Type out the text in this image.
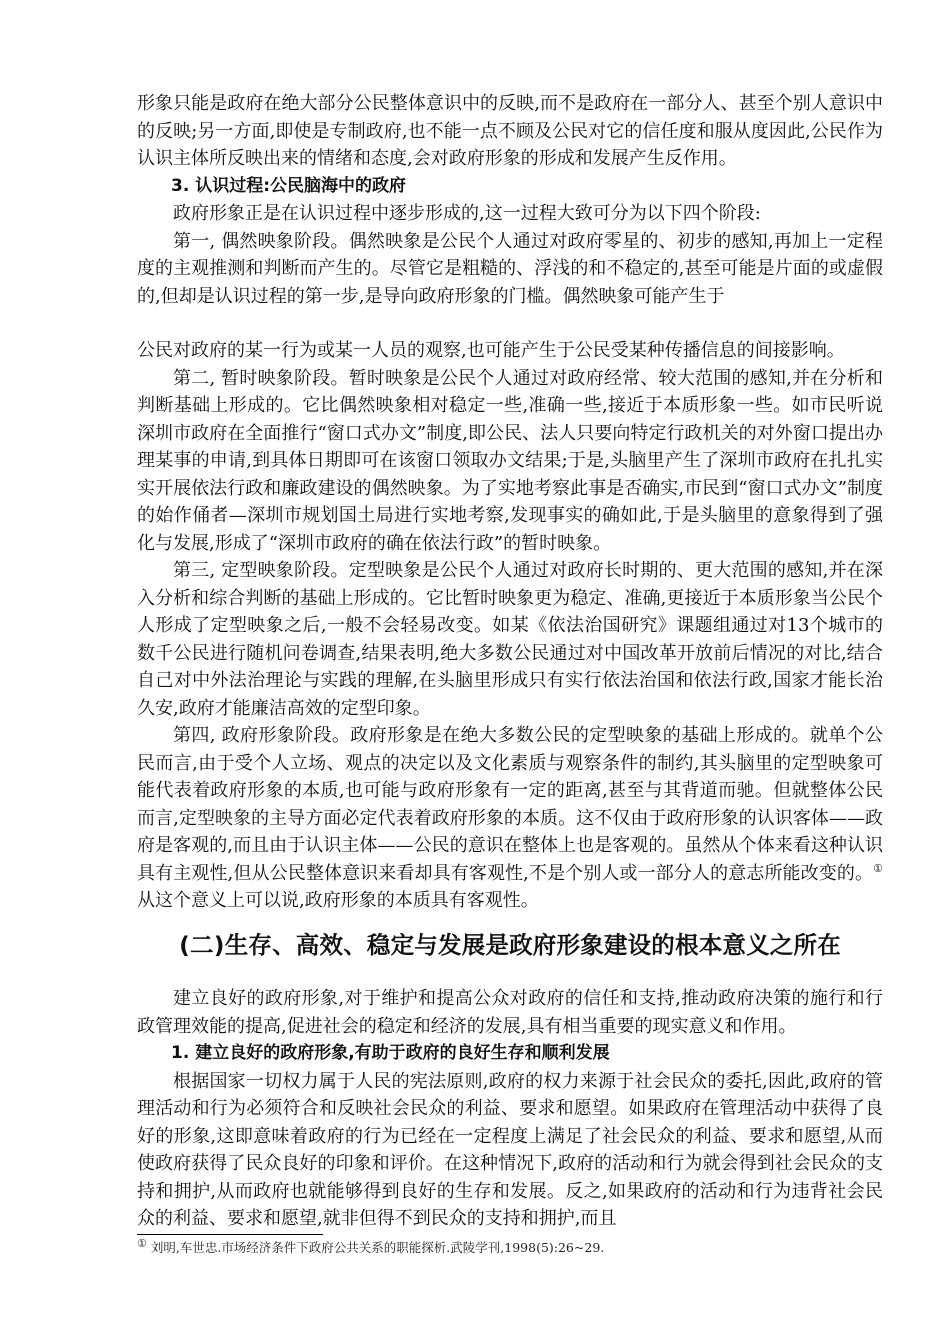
形象只能是政府在绝大部分公民整体意识中的反映,而不是政府在一部分人、甚至个别人意识中的反映;另一方面,即使是专制政府,也不能一点不顾及公民对它的信任度和服从度因此,公民作为认识主体所反映出来的情绪和态度,会对政府形象的形成和发展产生反作用。

3. 认识过程:公民脑海中的政府

政府形象正是在认识过程中逐步形成的,这一过程大致可分为以下四个阶段:

第一, 偶然映象阶段。偶然映象是公民个人通过对政府零星的、初步的感知,再加上一定程度的主观推测和判断而产生的。尽管它是粗糙的、浮浅的和不稳定的,甚至可能是片面的或虚假的,但却是认识过程的第一步,是导向政府形象的门槛。偶然映象可能产生于

公民对政府的某一行为或某一人员的观察,也可能产生于公民受某种传播信息的间接影响。

第二, 暂时映象阶段。暂时映象是公民个人通过对政府经常、较大范围的感知,并在分析和判断基础上形成的。它比偶然映象相对稳定一些,准确一些,接近于本质形象一些。如市民听说深圳市政府在全面推行“窗口式办文”制度,即公民、法人只要向特定行政机关的对外窗口提出办理某事的申请,到具体日期即可在该窗口领取办文结果;于是,头脑里产生了深圳市政府在扎扎实实开展依法行政和廉政建设的偶然映象。为了实地考察此事是否确实,市民到“窗口式办文”制度的始作俑者—深圳市规划国土局进行实地考察,发现事实的确如此,于是头脑里的意象得到了强化与发展,形成了“深圳市政府的确在依法行政”的暂时映象。

第三, 定型映象阶段。定型映象是公民个人通过对政府长时期的、更大范围的感知,并在深入分析和综合判断的基础上形成的。它比暂时映象更为稳定、准确,更接近于本质形象当公民个人形成了定型映象之后,一般不会轻易改变。如某《依法治国研究》课题组通过对13个城市的数千公民进行随机问卷调查,结果表明,绝大多数公民通过对中国改革开放前后情况的对比,结合自己对中外法治理论与实践的理解,在头脑里形成只有实行依法治国和依法行政,国家才能长治久安,政府才能廉洁高效的定型印象。

第四, 政府形象阶段。政府形象是在绝大多数公民的定型映象的基础上形成的。就单个公民而言,由于受个人立场、观点的决定以及文化素质与观察条件的制约,其头脑里的定型映象可能代表着政府形象的本质,也可能与政府形象有一定的距离,甚至与其背道而驰。但就整体公民而言,定型映象的主导方面必定代表着政府形象的本质。这不仅由于政府形象的认识客体——政府是客观的,而且由于认识主体——公民的意识在整体上也是客观的。虽然从个体来看这种认识具有主观性,但从公民整体意识来看却具有客观性,不是个别人或一部分人的意志所能改变的。①从这个意义上可以说,政府形象的本质具有客观性。

(二)生存、高效、稳定与发展是政府形象建设的根本意义之所在

建立良好的政府形象,对于维护和提高公众对政府的信任和支持,推动政府决策的施行和行政管理效能的提高,促进社会的稳定和经济的发展,具有相当重要的现实意义和作用。

1. 建立良好的政府形象,有助于政府的良好生存和顺利发展

根据国家一切权力属于人民的宪法原则,政府的权力来源于社会民众的委托,因此,政府的管理活动和行为必须符合和反映社会民众的利益、要求和愿望。如果政府在管理活动中获得了良好的形象,这即意味着政府的行为已经在一定程度上满足了社会民众的利益、要求和愿望,从而使政府获得了民众良好的印象和评价。在这种情况下,政府的活动和行为就会得到社会民众的支持和拥护,从而政府也就能够得到良好的生存和发展。反之,如果政府的活动和行为违背社会民众的利益、要求和愿望,就非但得不到民众的支持和拥护,而且

① 刘明,车世忠.市场经济条件下政府公共关系的职能探析.武陵学刊,1998(5):26~29.
